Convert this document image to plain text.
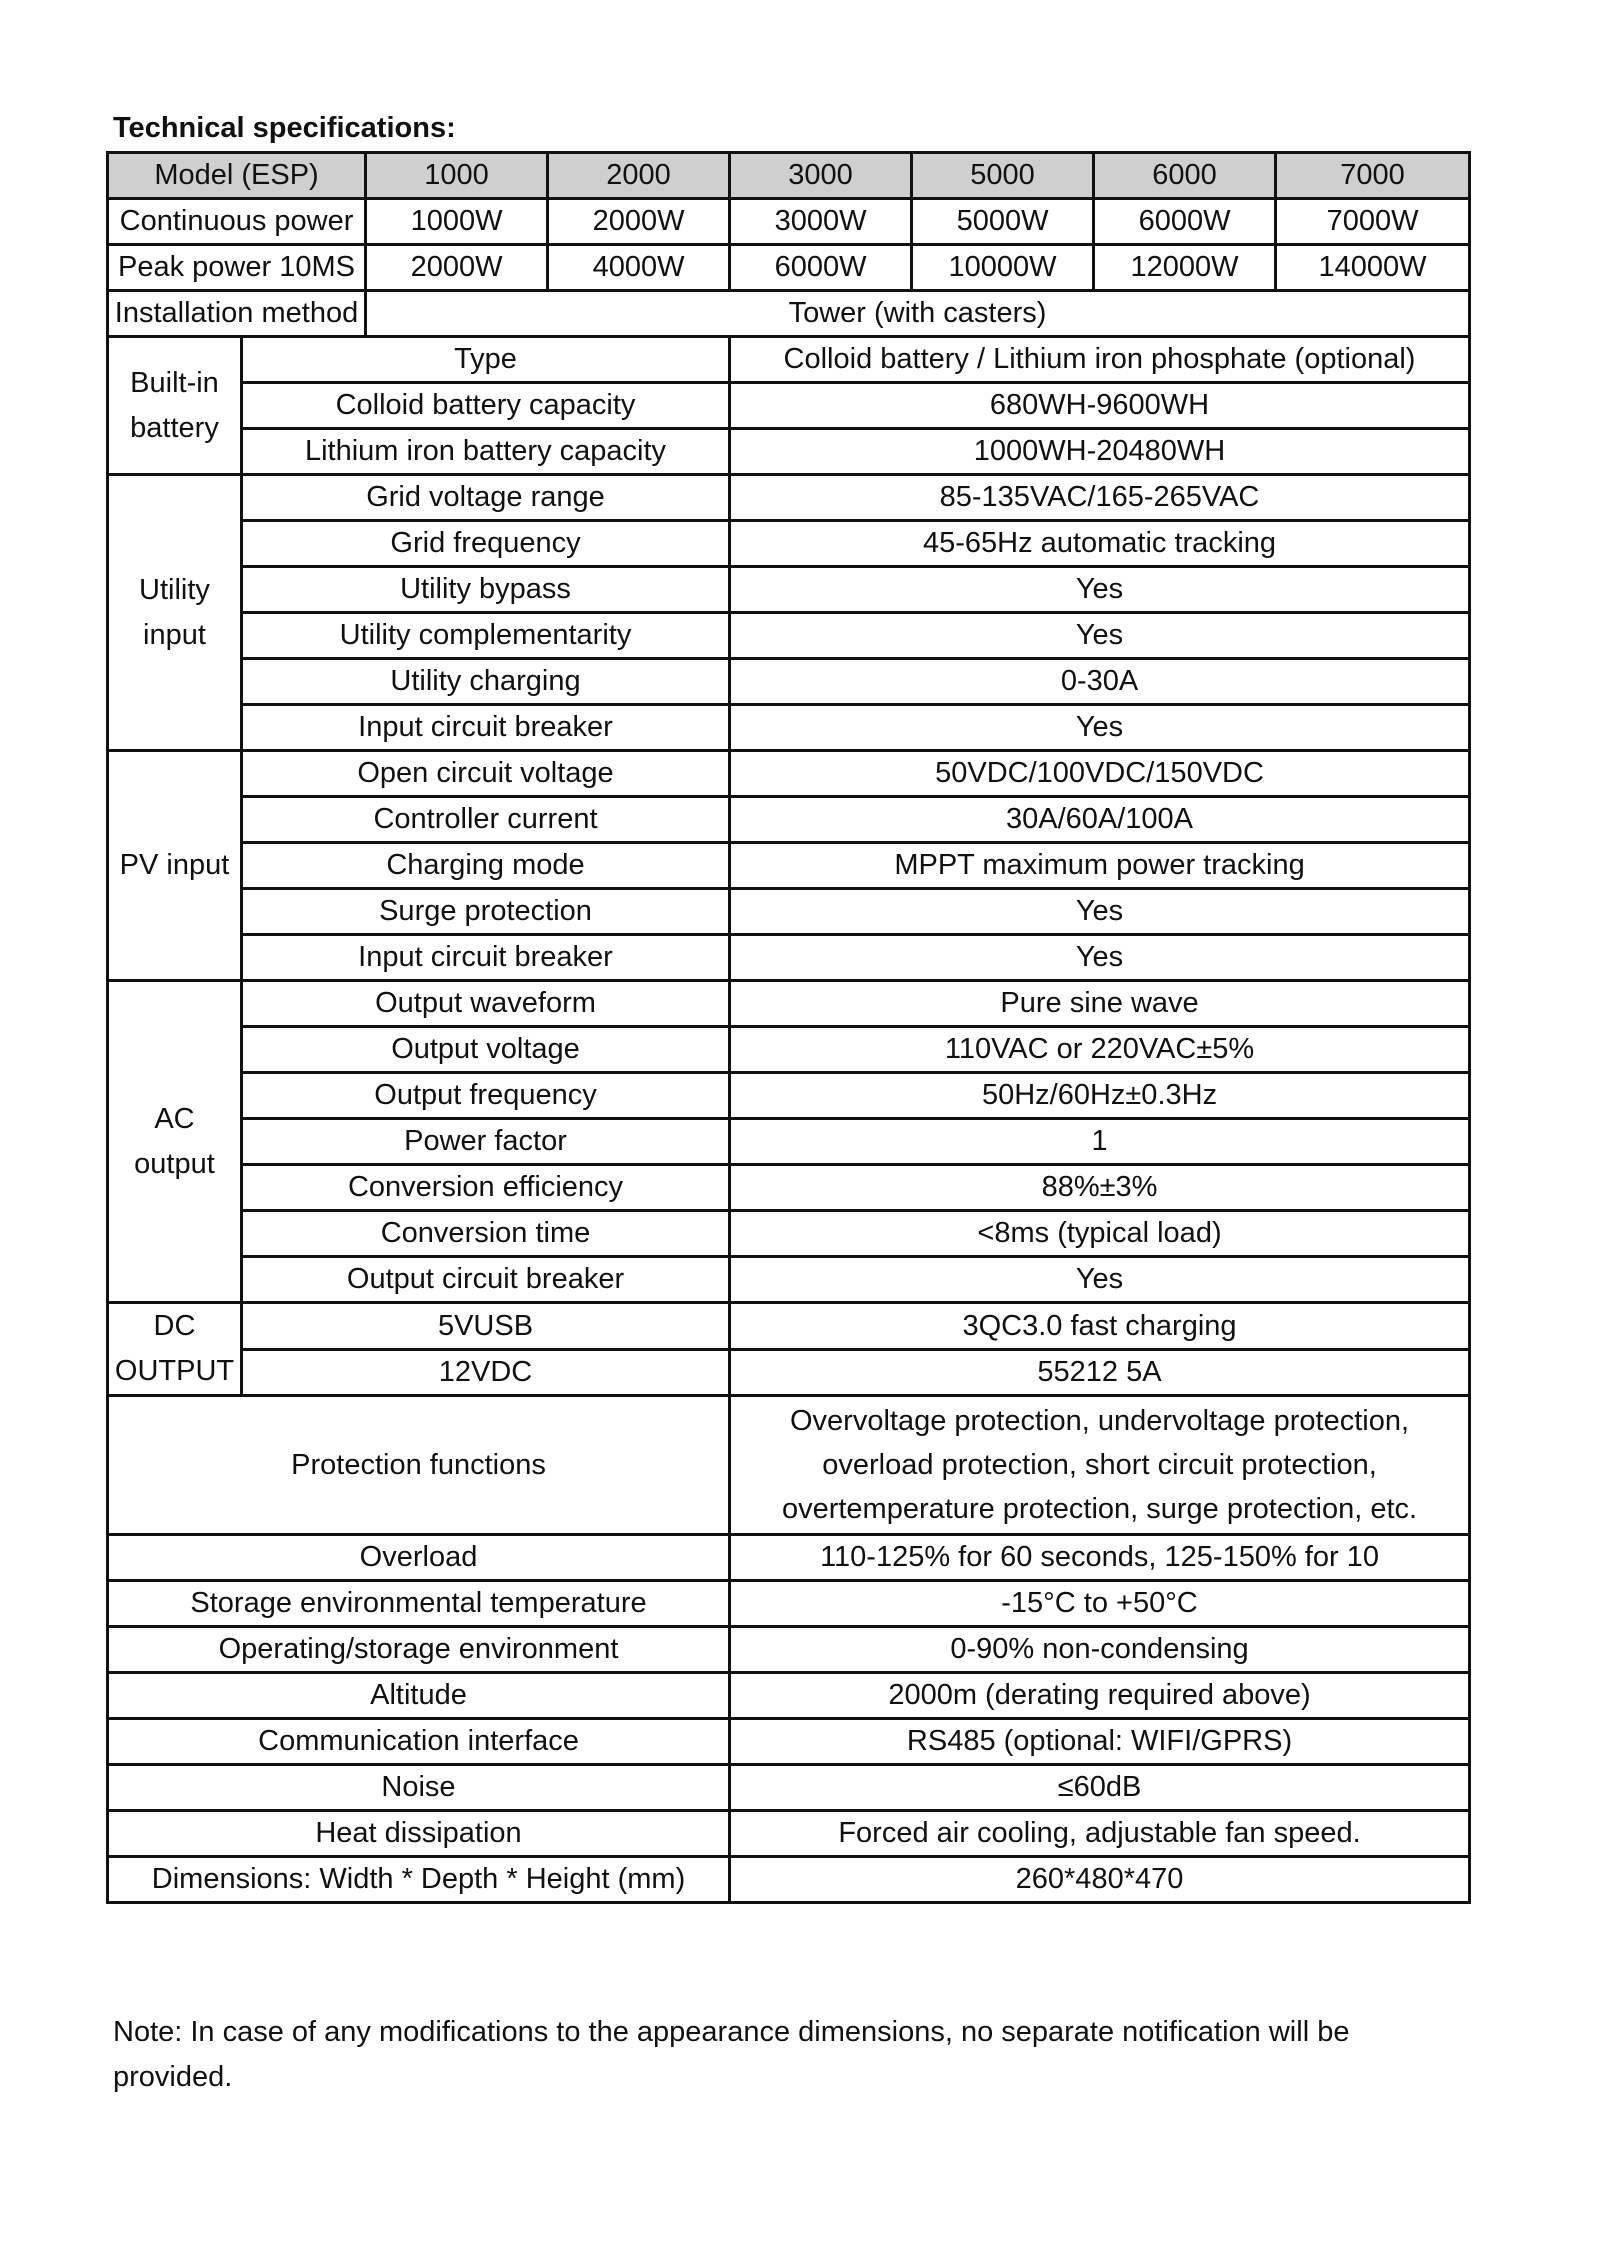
Technical specifications:
Model (ESP)		1000	2000	3000	5000	6000	7000
Continuous power		1000W	2000W	3000W	5000W	6000W	7000W
Peak power 10MS		2000W	4000W	6000W	10000W	12000W	14000W
Installation method		Tower (with casters)					
Built-in battery	Type			Colloid battery / Lithium iron phosphate (optional)			
	Colloid battery capacity			680WH-9600WH			
	Lithium iron battery capacity			1000WH-20480WH			
Utility input	Grid voltage range			85-135VAC/165-265VAC			
	Grid frequency			45-65Hz automatic tracking			
	Utility bypass			Yes			
	Utility complementarity			Yes			
	Utility charging			0-30A			
	Input circuit breaker			Yes			
PV input	Open circuit voltage			50VDC/100VDC/150VDC			
	Controller current			30A/60A/100A			
	Charging mode			MPPT maximum power tracking			
	Surge protection			Yes			
	Input circuit breaker			Yes			
AC output	Output waveform			Pure sine wave			
	Output voltage			110VAC or 220VAC±5%			
	Output frequency			50Hz/60Hz±0.3Hz			
	Power factor			1			
	Conversion efficiency			88%±3%			
	Conversion time			<8ms (typical load)			
	Output circuit breaker			Yes			
DC OUTPUT	5VUSB			3QC3.0 fast charging			
	12VDC			55212 5A			
Protection functions				Overvoltage protection, undervoltage protection,
overload protection, short circuit protection,
overtemperature protection, surge protection, etc.			
Overload				110-125% for 60 seconds, 125-150% for 10			
Storage environmental temperature				-15°C to +50°C			
Operating/storage environment				0-90% non-condensing			
Altitude				2000m (derating required above)			
Communication interface				RS485 (optional: WIFI/GPRS)			
Noise				≤60dB			
Heat dissipation				Forced air cooling, adjustable fan speed.			
Dimensions: Width * Depth * Height (mm)				260*480*470			

Note: In case of any modifications to the appearance dimensions, no separate notification will be provided.
